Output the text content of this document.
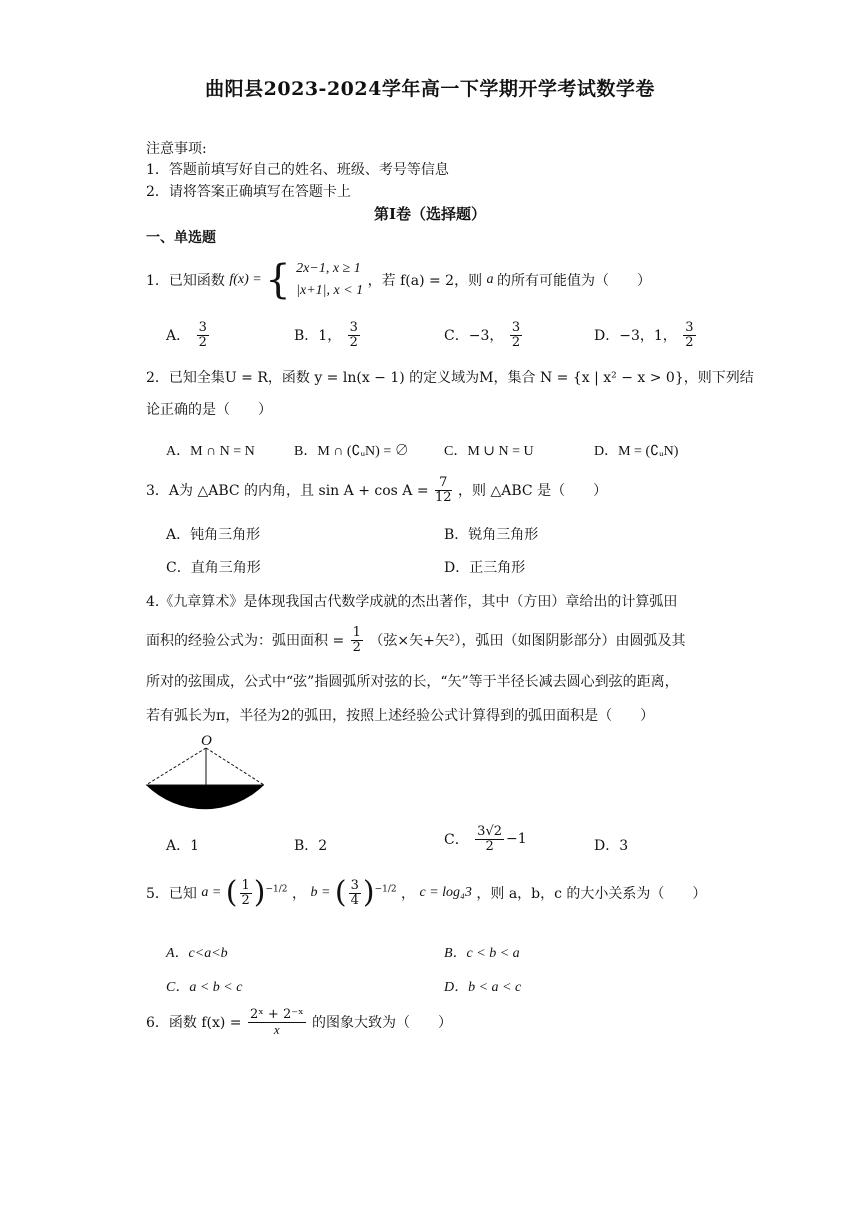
曲阳县2023-2024学年高一下学期开学考试数学卷
注意事项:
1．答题前填写好自己的姓名、班级、考号等信息
2．请将答案正确填写在答题卡上
第I卷（选择题）
一、单选题
1．已知函数 f(x) = { 2x−1, x ≥ 1
|x+1|, x < 1
，若 f(a) = 2，则 a 的所有可能值为（　　）
A． $\frac{3}{2}$	B．1， $\frac{3}{2}$	C．−3， $\frac{3}{2}$	D．−3，1， $\frac{3}{2}$
2．已知全集U = R，函数 y = ln(x − 1) 的定义域为M，集合 N = {x | x² − x > 0}，则下列结
论正确的是（　　）
A．M ∩ N = N	B．M ∩ (∁ᵤN) = ∅	C．M ∪ N = U	D．M = (∁ᵤN)
3．A为 △ABC 的内角，且 $\sin A + \cos A = \frac{7}{12}$ ，则 △ABC 是（　　）
A．钝角三角形	B．锐角三角形
C．直角三角形	D．正三角形
4.《九章算术》是体现我国古代数学成就的杰出著作，其中（方田）章给出的计算弧田
面积的经验公式为：弧田面积 = $\frac{1}{2}$ （弦×矢+矢²），弧田（如图阴影部分）由圆弧及其
所对的弦围成，公式中“弦”指圆弧所对弦的长，“矢”等于半径长减去圆心到弦的距离，
若有弧长为π，半径为2的弧田，按照上述经验公式计算得到的弧田面积是（　　）
O
A．1	B．2	C． $\frac{3√2}{2} -1$	D．3
5．已知 a = ( $\frac{1}{2} )^{-1/2}$ ， b = ( $\frac{3}{4} )^{-1/2}$ ， c = log₄3 ，则 a，b，c 的大小关系为（　　）
A．c<a<b	B．c < b < a
C．a < b < c	D．b < a < c
6．函数 $f(x) = \frac{\text{2ˣ + 2⁻ˣ}}{x}$ 的图象大致为（　　）
